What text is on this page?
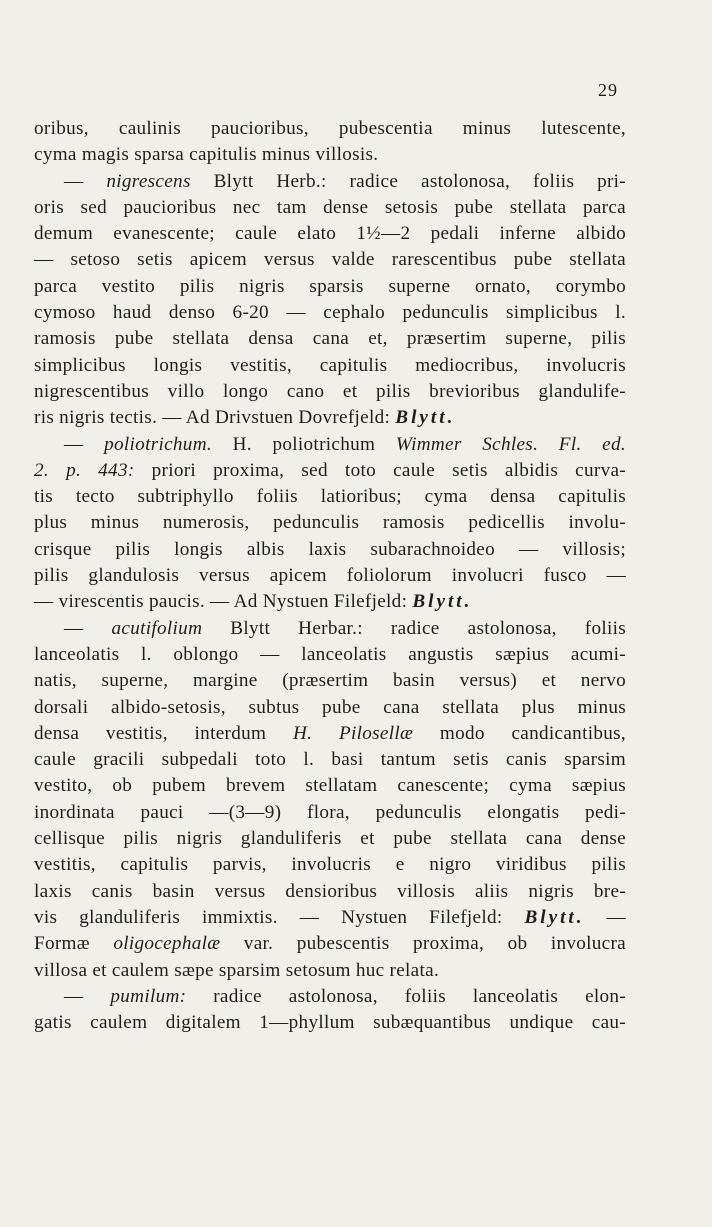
29
oribus, caulinis paucioribus, pubescentia minus lutescente,
cyma magis sparsa capitulis minus villosis.
— nigrescens Blytt Herb.: radice astolonosa, foliis pri-
oris sed paucioribus nec tam dense setosis pube stellata parca
demum evanescente; caule elato 1½—2 pedali inferne albido
— setoso setis apicem versus valde rarescentibus pube stellata
parca vestito pilis nigris sparsis superne ornato, corymbo
cymoso haud denso 6-20 — cephalo pedunculis simplicibus l.
ramosis pube stellata densa cana et, præsertim superne, pilis
simplicibus longis vestitis, capitulis mediocribus, involucris
nigrescentibus villo longo cano et pilis brevioribus glandulife-
ris nigris tectis. — Ad Drivstuen Dovrefjeld: Blytt.
— poliotrichum. H. poliotrichum Wimmer Schles. Fl. ed.
2. p. 443: priori proxima, sed toto caule setis albidis curva-
tis tecto subtriphyllo foliis latioribus; cyma densa capitulis
plus minus numerosis, pedunculis ramosis pedicellis involu-
crisque pilis longis albis laxis subarachnoideo — villosis;
pilis glandulosis versus apicem foliolorum involucri fusco —
— virescentis paucis. — Ad Nystuen Filefjeld: Blytt.
— acutifolium Blytt Herbar.: radice astolonosa, foliis
lanceolatis l. oblongo — lanceolatis angustis sæpius acumi-
natis, superne, margine (præsertim basin versus) et nervo
dorsali albido-setosis, subtus pube cana stellata plus minus
densa vestitis, interdum H. Pilosellæ modo candicantibus,
caule gracili subpedali toto l. basi tantum setis canis sparsim
vestito, ob pubem brevem stellatam canescente; cyma sæpius
inordinata pauci —(3—9) flora, pedunculis elongatis pedi-
cellisque pilis nigris glanduliferis et pube stellata cana dense
vestitis, capitulis parvis, involucris e nigro viridibus pilis
laxis canis basin versus densioribus villosis aliis nigris bre-
vis glanduliferis immixtis. — Nystuen Filefjeld: Blytt. —
Formæ oligocephalæ var. pubescentis proxima, ob involucra
villosa et caulem sæpe sparsim setosum huc relata.
— pumilum: radice astolonosa, foliis lanceolatis elon-
gatis caulem digitalem 1—phyllum subæquantibus undique cau-
